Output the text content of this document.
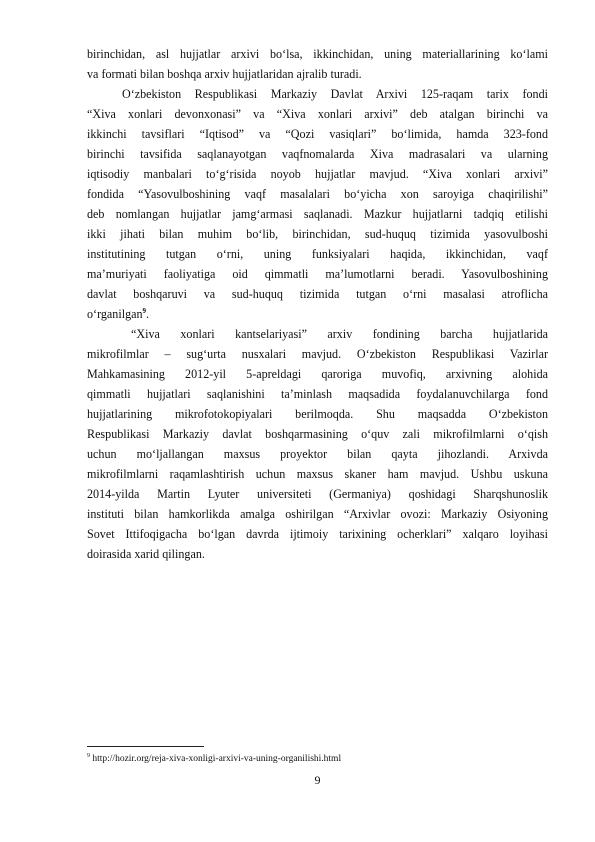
birinchidan, asl hujjatlar arxivi bo‘lsa, ikkinchidan, uning materiallarining ko‘lami
va formati bilan boshqa arxiv hujjatlaridan ajralib turadi.
O‘zbekiston Respublikasi Markaziy Davlat Arxivi 125-raqam tarix fondi
“Xiva xonlari devonxonasi” va “Xiva xonlari arxivi” deb atalgan birinchi va
ikkinchi tavsiflari “Iqtisod” va “Qozi vasiqlari” bo‘limida, hamda 323-fond
birinchi tavsifida saqlanayotgan vaqfnomalarda Xiva madrasalari va ularning
iqtisodiy manbalari to‘g‘risida noyob hujjatlar mavjud. “Xiva xonlari arxivi”
fondida “Yasovulboshining vaqf masalalari bo‘yicha xon saroyiga chaqirilishi”
deb nomlangan hujjatlar jamg‘armasi saqlanadi. Mazkur hujjatlarni tadqiq etilishi
ikki jihati bilan muhim bo‘lib, birinchidan, sud-huquq tizimida yasovulboshi
institutining tutgan o‘rni, uning funksiyalari haqida, ikkinchidan, vaqf
ma’muriyati faoliyatiga oid qimmatli ma’lumotlarni beradi. Yasovulboshining
davlat boshqaruvi va sud-huquq tizimida tutgan o‘rni masalasi atroflicha
o‘rganilgan$^9$.
“Xiva xonlari kantselariyasi” arxiv fondining barcha hujjatlarida
mikrofilmlar – sug‘urta nusxalari mavjud. O‘zbekiston Respublikasi Vazirlar
Mahkamasining 2012-yil 5-apreldagi qaroriga muvofiq, arxivning alohida
qimmatli hujjatlari saqlanishini ta’minlash maqsadida foydalanuvchilarga fond
hujjatlarining mikrofotokopiyalari berilmoqda. Shu maqsadda O‘zbekiston
Respublikasi Markaziy davlat boshqarmasining o‘quv zali mikrofilmlarni o‘qish
uchun mo‘ljallangan maxsus proyektor bilan qayta jihozlandi. Arxivda
mikrofilmlarni raqamlashtirish uchun maxsus skaner ham mavjud. Ushbu uskuna
2014-yilda Martin Lyuter universiteti (Germaniya) qoshidagi Sharqshunoslik
instituti bilan hamkorlikda amalga oshirilgan “Arxivlar ovozi: Markaziy Osiyoning
Sovet Ittifoqigacha bo‘lgan davrda ijtimoiy tarixining ocherklari” xalqaro loyihasi
doirasida xarid qilingan.
$^9$ http://hozir.org/reja-xiva-xonligi-arxivi-va-uning-organilishi.html
9
